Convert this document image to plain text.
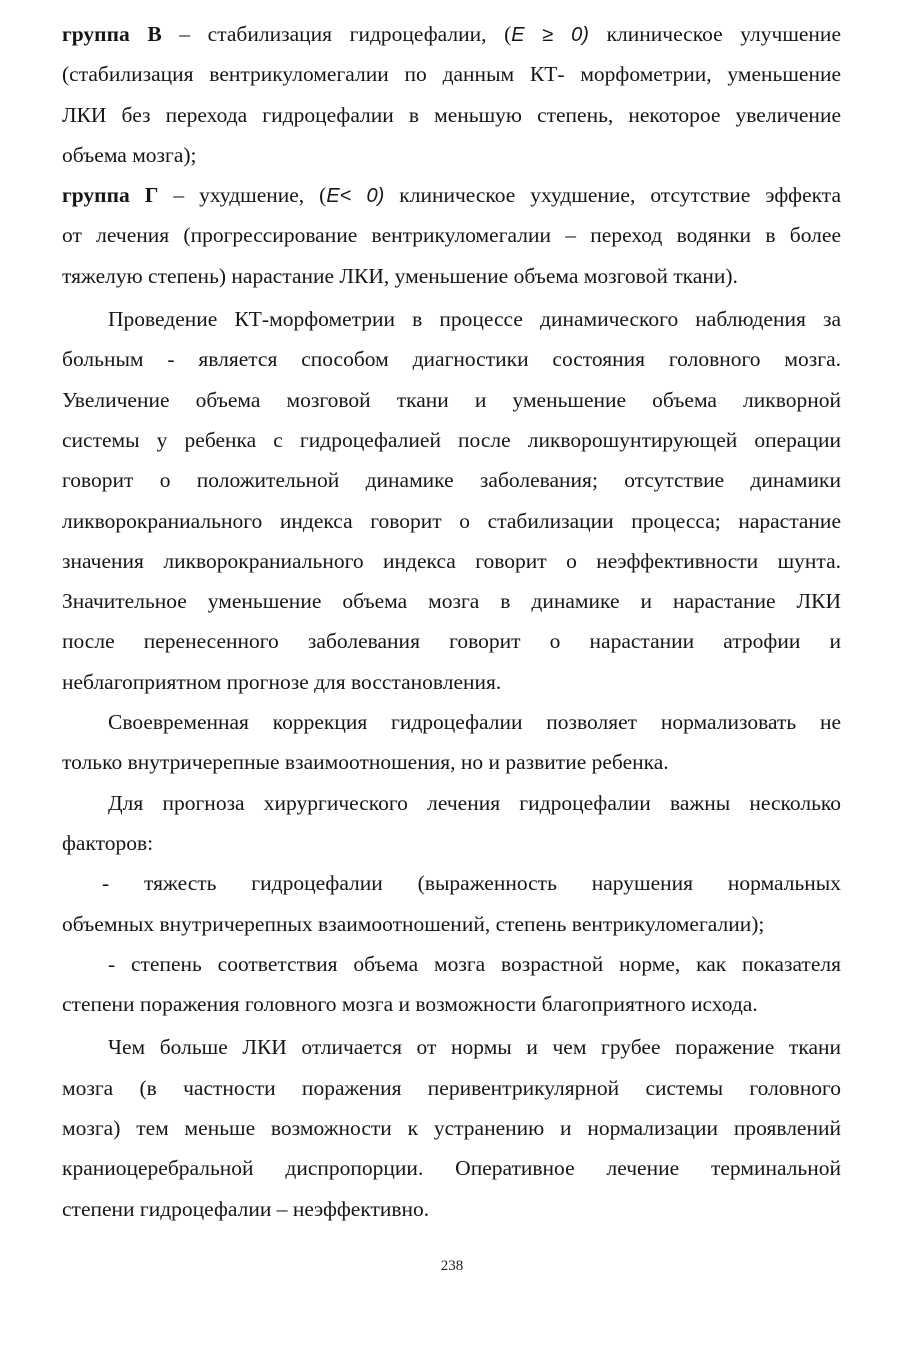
группа В – стабилизация гидроцефалии, (E ≥ 0) клиническое улучшение
(стабилизация вентрикуломегалии по данным КТ- морфометрии, уменьшение
ЛКИ без перехода гидроцефалии в меньшую степень, некоторое увеличение
объема мозга);
группа Г – ухудшение, (E< 0) клиническое ухудшение, отсутствие эффекта
от лечения (прогрессирование вентрикуломегалии – переход водянки в более
тяжелую степень) нарастание ЛКИ, уменьшение объема мозговой ткани).
Проведение КТ-морфометрии в процессе динамического наблюдения за
больным - является способом диагностики состояния головного мозга.
Увеличение объема мозговой ткани и уменьшение объема ликворной
системы у ребенка с гидроцефалией после ликворошунтирующей операции
говорит о положительной динамике заболевания; отсутствие динамики
ликворокраниального индекса говорит о стабилизации процесса; нарастание
значения ликворокраниального индекса говорит о неэффективности шунта.
Значительное уменьшение объема мозга в динамике и нарастание ЛКИ
после перенесенного заболевания говорит о нарастании атрофии и
неблагоприятном прогнозе для восстановления.
Своевременная коррекция гидроцефалии позволяет нормализовать не
только внутричерепные взаимоотношения, но и развитие ребенка.
Для прогноза хирургического лечения гидроцефалии важны несколько
факторов:
- тяжесть гидроцефалии (выраженность нарушения нормальных
объемных внутричерепных взаимоотношений, степень вентрикуломегалии);
- степень соответствия объема мозга возрастной норме, как показателя
степени поражения головного мозга и возможности благоприятного исхода.
Чем больше ЛКИ отличается от нормы и чем грубее поражение ткани
мозга (в частности поражения перивентрикулярной системы головного
мозга) тем меньше возможности к устранению и нормализации проявлений
краниоцеребральной диспропорции. Оперативное лечение терминальной
степени гидроцефалии – неэффективно.
238
